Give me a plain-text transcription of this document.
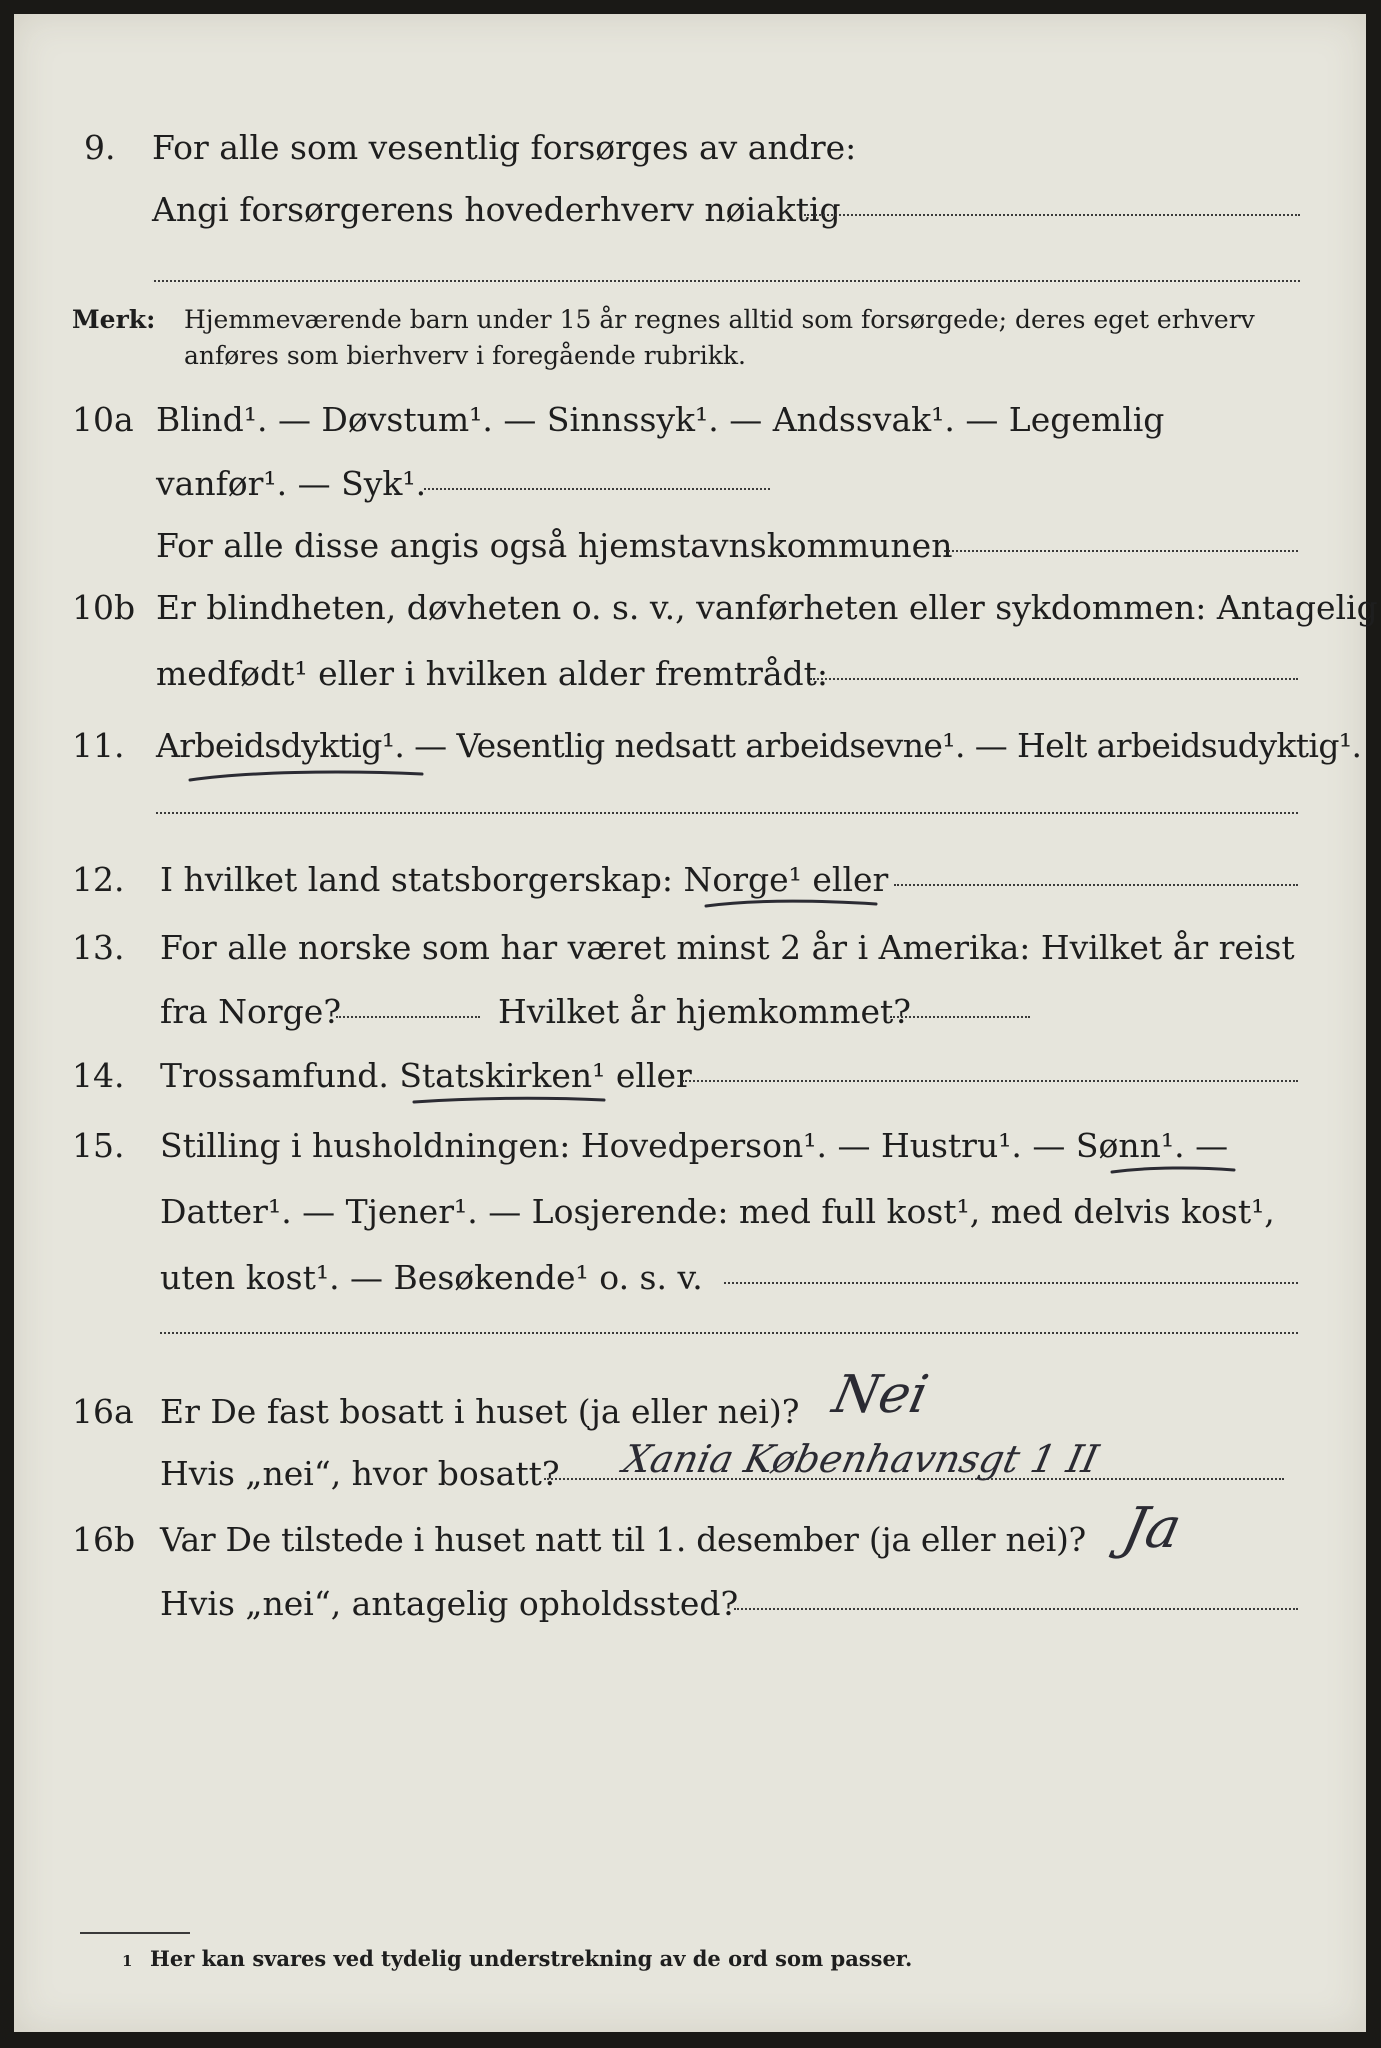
9. For alle som vesentlig forsørges av andre:
Angi forsørgerens hovederhverv nøiaktig
Merk: Hjemmeværende barn under 15 år regnes alltid som forsørgede; deres eget erhverv
anføres som bierhverv i foregående rubrikk.
10a Blind¹. — Døvstum¹. — Sinnssyk¹. — Andssvak¹. — Legemlig
vanfør¹. — Syk¹.
For alle disse angis også hjemstavnskommunen
10b Er blindheten, døvheten o. s. v., vanførheten eller sykdommen: Antagelig
medfødt¹ eller i hvilken alder fremtrådt:
11. Arbeidsdyktig¹. — Vesentlig nedsatt arbeidsevne¹. — Helt arbeidsudyktig¹.
12. I hvilket land statsborgerskap: Norge¹ eller
13. For alle norske som har været minst 2 år i Amerika: Hvilket år reist
fra Norge?	Hvilket år hjemkommet?
14. Trossamfund. Statskirken¹ eller
15. Stilling i husholdningen: Hovedperson¹. — Hustru¹. — Sønn¹. —
Datter¹. — Tjener¹. — Losjerende: med full kost¹, med delvis kost¹,
uten kost¹. — Besøkende¹ o. s. v.
16a Er De fast bosatt i huset (ja eller nei)? Nei
Hvis „nei“, hvor bosatt? Xania Københavnsgt 1 II
16b Var De tilstede i huset natt til 1. desember (ja eller nei)? Ja
Hvis „nei“, antagelig opholdssted?
1 Her kan svares ved tydelig understrekning av de ord som passer.
